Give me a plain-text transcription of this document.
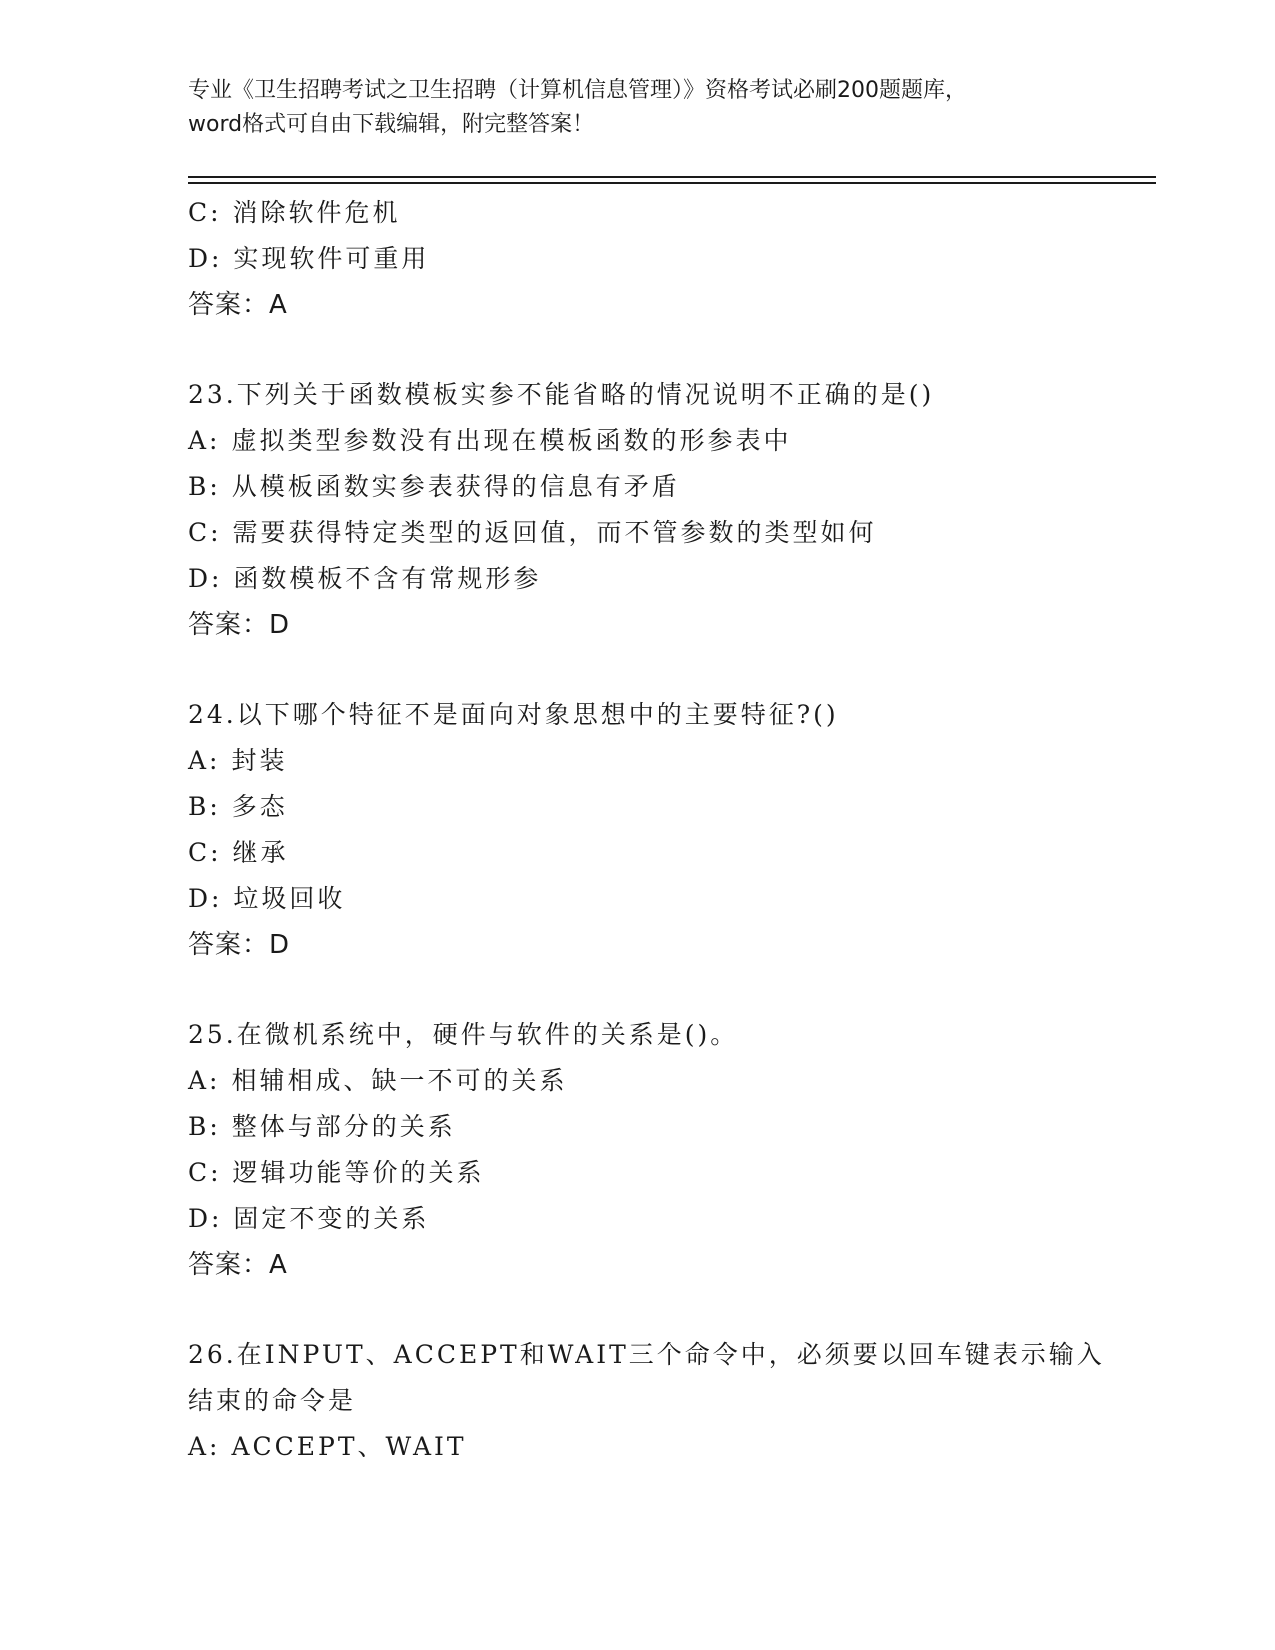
专业《卫生招聘考试之卫生招聘（计算机信息管理）》资格考试必刷200题题库，
word格式可自由下载编辑，附完整答案！
C: 消除软件危机
D: 实现软件可重用
答案：A
23.下列关于函数模板实参不能省略的情况说明不正确的是()
A: 虚拟类型参数没有出现在模板函数的形参表中
B: 从模板函数实参表获得的信息有矛盾
C: 需要获得特定类型的返回值，而不管参数的类型如何
D: 函数模板不含有常规形参
答案：D
24.以下哪个特征不是面向对象思想中的主要特征?()
A: 封装
B: 多态
C: 继承
D: 垃圾回收
答案：D
25.在微机系统中，硬件与软件的关系是()。
A: 相辅相成、缺一不可的关系
B: 整体与部分的关系
C: 逻辑功能等价的关系
D: 固定不变的关系
答案：A
26.在INPUT、ACCEPT和WAIT三个命令中，必须要以回车键表示输入
结束的命令是
A: ACCEPT、WAIT
